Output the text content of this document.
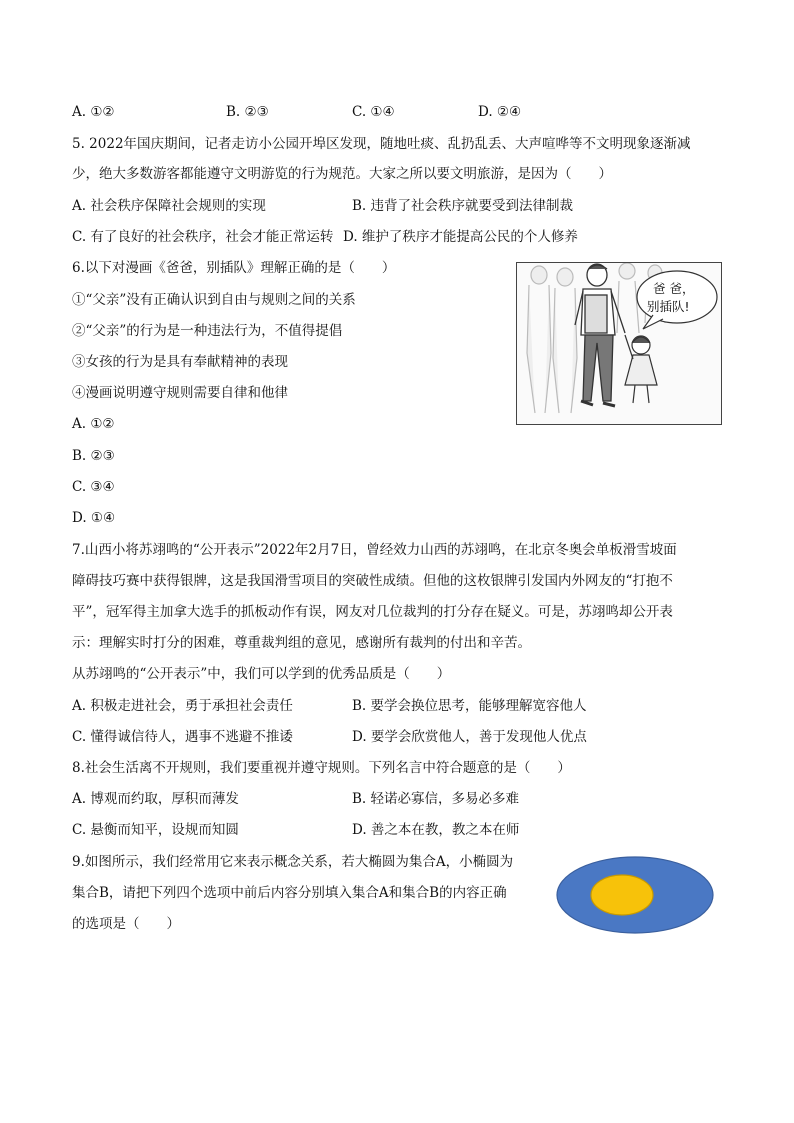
A. ①②	B. ②③	C. ①④	D. ②④
5. 2022年国庆期间，记者走访小公园开埠区发现，随地吐痰、乱扔乱丢、大声喧哗等不文明现象逐渐减
少，绝大多数游客都能遵守文明游览的行为规范。大家之所以要文明旅游，是因为（　　）
A. 社会秩序保障社会规则的实现	B. 违背了社会秩序就要受到法律制裁
C. 有了良好的社会秩序，社会才能正常运转 D. 维护了秩序才能提高公民的个人修养
6.以下对漫画《爸爸，别插队》理解正确的是（　　）
①“父亲”没有正确认识到自由与规则之间的关系
②“父亲”的行为是一种违法行为，不值得提倡
③女孩的行为是具有奉献精神的表现
④漫画说明遵守规则需要自律和他律
A. ①②
B. ②③
C. ③④
D. ①④
爸 爸，
别插队!
7.山西小将苏翊鸣的“公开表示”2022年2月7日，曾经效力山西的苏翊鸣，在北京冬奥会单板滑雪坡面
障碍技巧赛中获得银牌，这是我国滑雪项目的突破性成绩。但他的这枚银牌引发国内外网友的“打抱不
平”，冠军得主加拿大选手的抓板动作有误，网友对几位裁判的打分存在疑义。可是，苏翊鸣却公开表
示：理解实时打分的困难，尊重裁判组的意见，感谢所有裁判的付出和辛苦。
从苏翊鸣的“公开表示”中，我们可以学到的优秀品质是（　　）
A. 积极走进社会，勇于承担社会责任	B. 要学会换位思考，能够理解宽容他人
C. 懂得诚信待人，遇事不逃避不推诿	D. 要学会欣赏他人，善于发现他人优点
8.社会生活离不开规则，我们要重视并遵守规则。下列名言中符合题意的是（　　）
A. 博观而约取，厚积而薄发	B. 轻诺必寡信，多易必多难
C. 悬衡而知平，设规而知圆	D. 善之本在教，教之本在师
9.如图所示，我们经常用它来表示概念关系，若大椭圆为集合A，小椭圆为
集合B，请把下列四个选项中前后内容分别填入集合A和集合B的内容正确
的选项是（　　）
